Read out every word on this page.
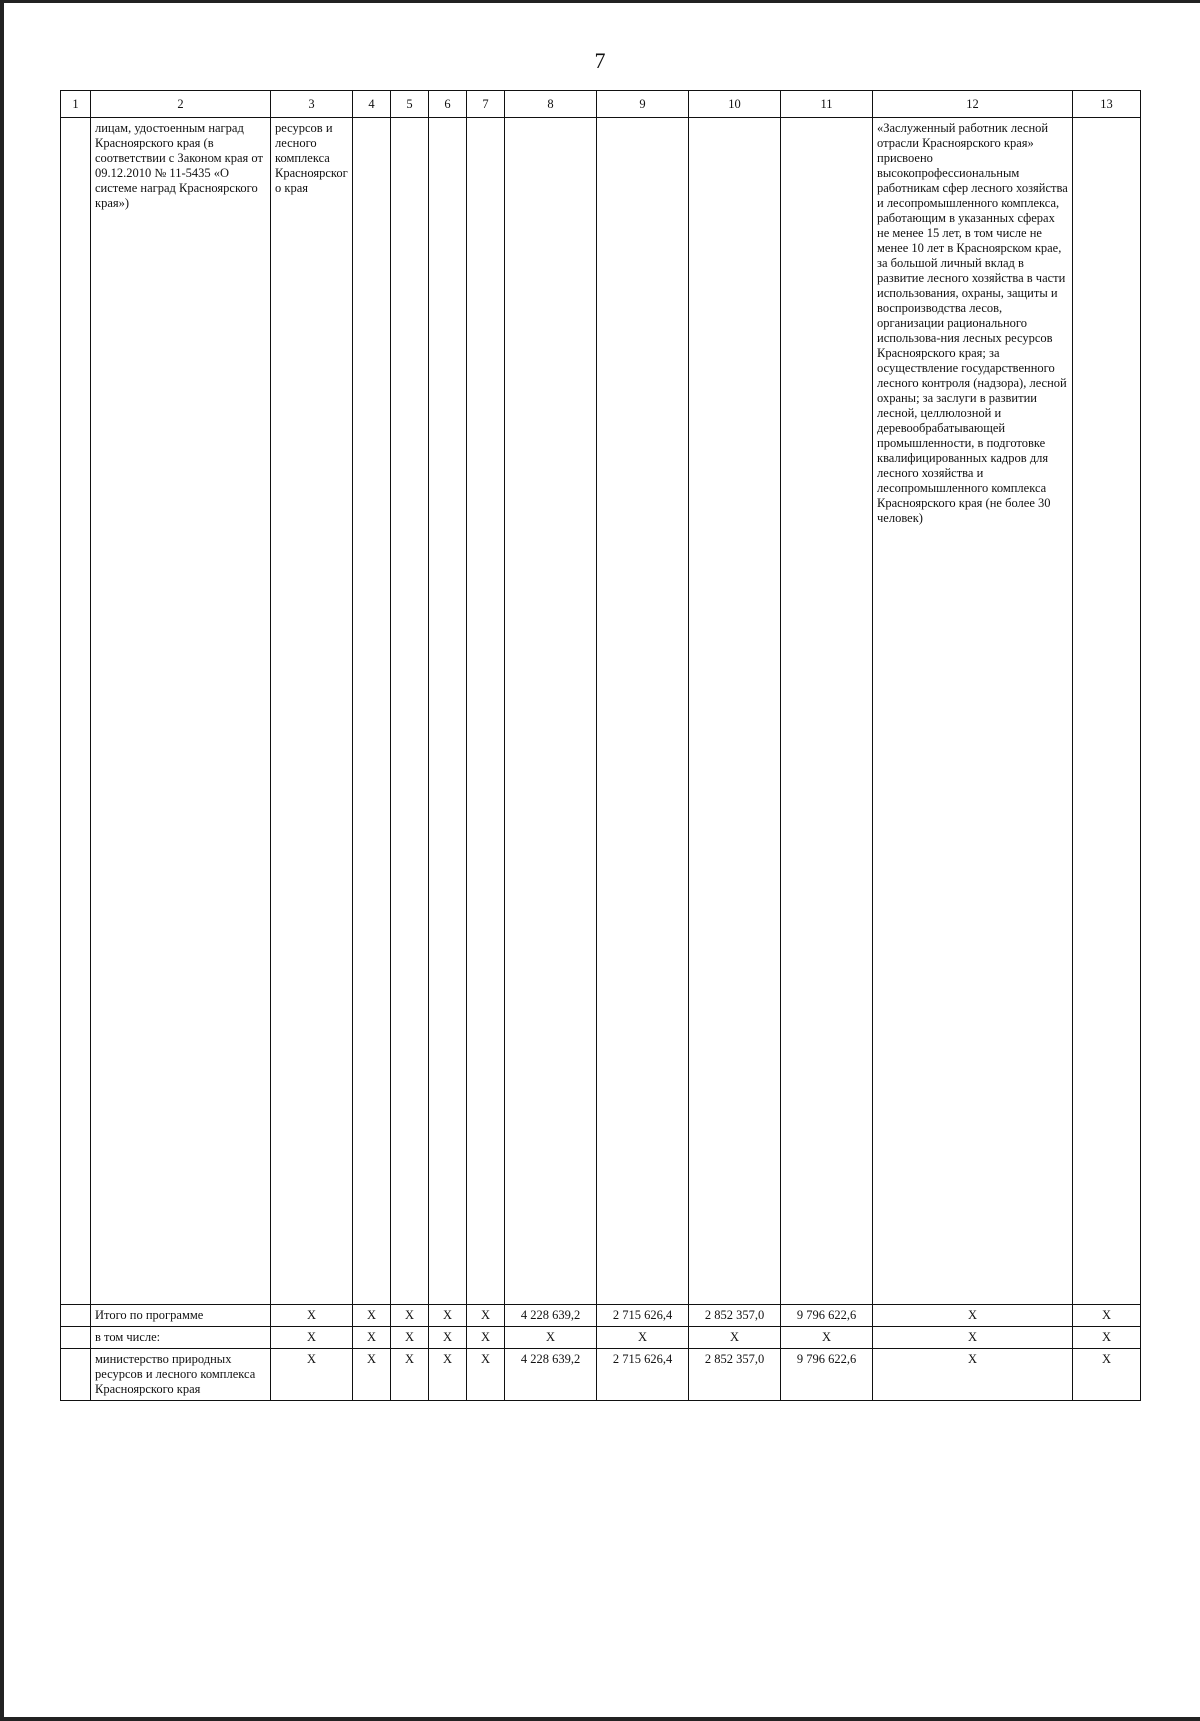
7
1	2	3	4	5	6	7	8	9	10	11	12	13
	лицам, удостоенным наград Красноярского края (в соответствии с Законом края от 09.12.2010 № 11-5435 «О системе наград Красноярского края»)	ресурсов и лесного комплекса Красноярского края									«Заслуженный работник лесной отрасли Красноярского края» присвоено высокопрофессиональным работникам сфер лесного хозяйства и лесопромышленного комплекса, работающим в указанных сферах не менее 15 лет, в том числе не менее 10 лет в Красноярском крае, за большой личный вклад в развитие лесного хозяйства в части использования, охраны, защиты и воспроизводства лесов, организации рационального использова-ния лесных ресурсов Красноярского края; за осуществление государственного лесного контроля (надзора), лесной охраны; за заслуги в развитии лесной, целлюлозной и деревообрабатывающей промышленности, в подготовке квалифицированных кадров для лесного хозяйства и лесопромышленного комплекса Красноярского края (не более 30 человек)	
	Итого по программе	X	X	X	X	X	4 228 639,2	2 715 626,4	2 852 357,0	9 796 622,6	X	X
	в том числе:	X	X	X	X	X	X	X	X	X	X	X
	министерство природных ресурсов и лесного комплекса Красноярского края	X	X	X	X	X	4 228 639,2	2 715 626,4	2 852 357,0	9 796 622,6	X	X
